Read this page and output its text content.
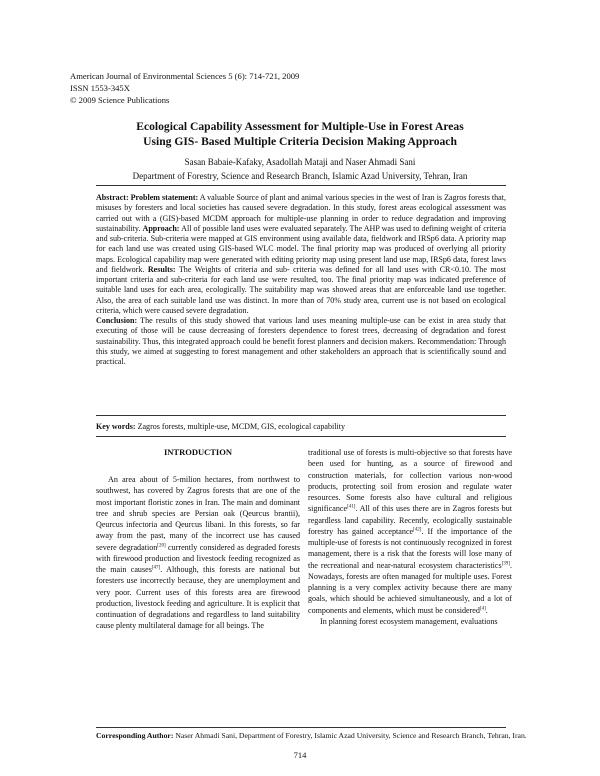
American Journal of Environmental Sciences 5 (6): 714-721, 2009
ISSN 1553-345X
© 2009 Science Publications
Ecological Capability Assessment for Multiple-Use in Forest Areas
Using GIS- Based Multiple Criteria Decision Making Approach
Sasan Babaie-Kafaky, Asadollah Mataji and Naser Ahmadi Sani
Department of Forestry, Science and Research Branch, Islamic Azad University, Tehran, Iran

Abstract: Problem statement: A valuable Source of plant and animal various species in the west of Iran is Zagros forests that, misuses by foresters and local societies has caused severe degradation. In this study, forest areas ecological assessment was carried out with a (GIS)-based MCDM approach for multiple-use planning in order to reduce degradation and improving sustainability. Approach: All of possible land uses were evaluated separately. The AHP was used to defining weight of criteria and sub-criteria. Sub-criteria were mapped at GIS environment using available data, fieldwork and IRSp6 data. A priority map for each land use was created using GIS-based WLC model. The final priority map was produced of overlying all priority maps. Ecological capability map were generated with editing priority map using present land use map, IRSp6 data, forest laws and fieldwork. Results: The Weights of criteria and sub- criteria was defined for all land uses with CR<0.10. The most important criteria and sub-criteria for each land use were resulted, too. The final priority map was indicated preference of suitable land uses for each area, ecologically. The suitability map was showed areas that are enforceable land use together. Also, the area of each suitable land use was distinct. In more than of 70% study area, current use is not based on ecological criteria, which were caused severe degradation.

Conclusion: The results of this study showed that various land uses meaning multiple-use can be exist in area study that executing of those will be cause decreasing of foresters dependence to forest trees, decreasing of degradation and forest sustainability. Thus, this integrated approach could be benefit forest planners and decision makers. Recommendation: Through this study, we aimed at suggesting to forest management and other stakeholders an approach that is scientifically sound and practical.

Key words: Zagros forests, multiple-use, MCDM, GIS, ecological capability
INTRODUCTION

An area about of 5-milion hectares, from northwest to southwest, has covered by Zagros forests that are one of the most important floristic zones in Iran. The main and dominant tree and shrub species are Persian oak (Qeurcus brantii), Qeurcus infectoria and Qeurcus libani. In this forests, so far away from the past, many of the incorrect use has caused severe degradation[20] currently considered as degraded forests with firewood production and livestock feeding recognized as the main causes[47]. Although, this forests are national but foresters use incorrectly because, they are unemployment and very poor. Current uses of this forests area are firewood production, livestock feeding and agriculture. It is explicit that continuation of degradations and regardless to land suitability cause plenty multilateral damage for all beings. The

traditional use of forests is multi-objective so that forests have been used for hunting, as a source of firewood and construction materials, for collection various non-wood products, protecting soil from erosion and regulate water resources. Some forests also have cultural and religious significance[41]. All of this uses there are in Zagros forests but regardless land capability. Recently, ecologically sustainable forestry has gained acceptance[42]. If the importance of the multiple-use of forests is not continuously recognized in forest management, there is a risk that the forests will lose many of the recreational and near-natural ecosystem characteristics[39]. Nowadays, forests are often managed for multiple uses. Forest planning is a very complex activity because there are many goals, which should be achieved simultaneously, and a lot of components and elements, which must be considered[4].

In planning forest ecosystem management, evaluations

Corresponding Author: Naser Ahmadi Sani, Department of Forestry, Islamic Azad University, Science and Research Branch, Tehran, Iran.
714
